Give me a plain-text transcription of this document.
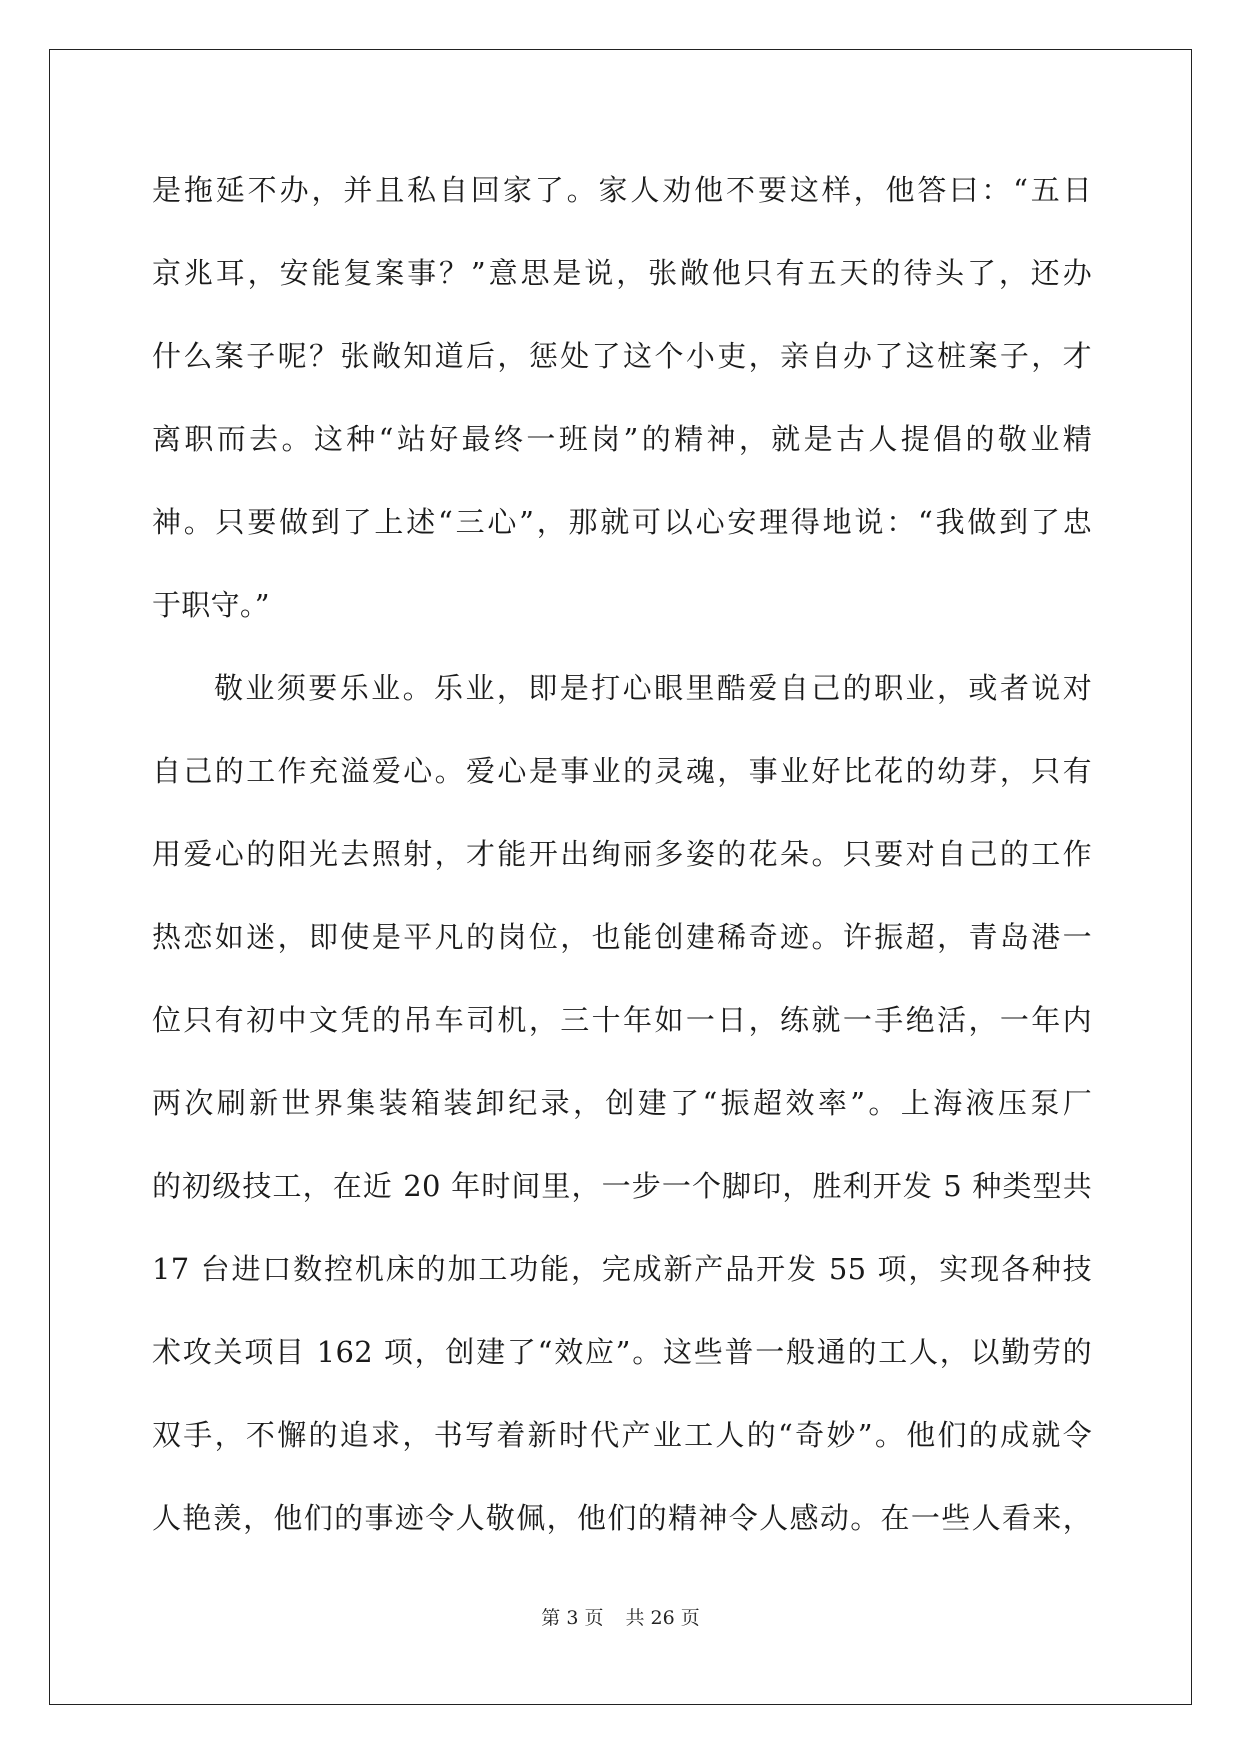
是拖延不办，并且私自回家了。家人劝他不要这样，他答曰：“五日
京兆耳，安能复案事？”意思是说，张敞他只有五天的待头了，还办
什么案子呢？张敞知道后，惩处了这个小吏，亲自办了这桩案子，才
离职而去。这种“站好最终一班岗”的精神，就是古人提倡的敬业精
神。只要做到了上述“三心”，那就可以心安理得地说：“我做到了忠
于职守。”
敬业须要乐业。乐业，即是打心眼里酷爱自己的职业，或者说对
自己的工作充溢爱心。爱心是事业的灵魂，事业好比花的幼芽，只有
用爱心的阳光去照射，才能开出绚丽多姿的花朵。只要对自己的工作
热恋如迷，即使是平凡的岗位，也能创建稀奇迹。许振超，青岛港一
位只有初中文凭的吊车司机，三十年如一日，练就一手绝活，一年内
两次刷新世界集装箱装卸纪录，创建了“振超效率”。上海液压泵厂
的初级技工，在近 20 年时间里，一步一个脚印，胜利开发 5 种类型共
17 台进口数控机床的加工功能，完成新产品开发 55 项，实现各种技
术攻关项目 162 项，创建了“效应”。这些普一般通的工人，以勤劳的
双手，不懈的追求，书写着新时代产业工人的“奇妙”。他们的成就令
人艳羡，他们的事迹令人敬佩，他们的精神令人感动。在一些人看来，
第 3 页 共 26 页
